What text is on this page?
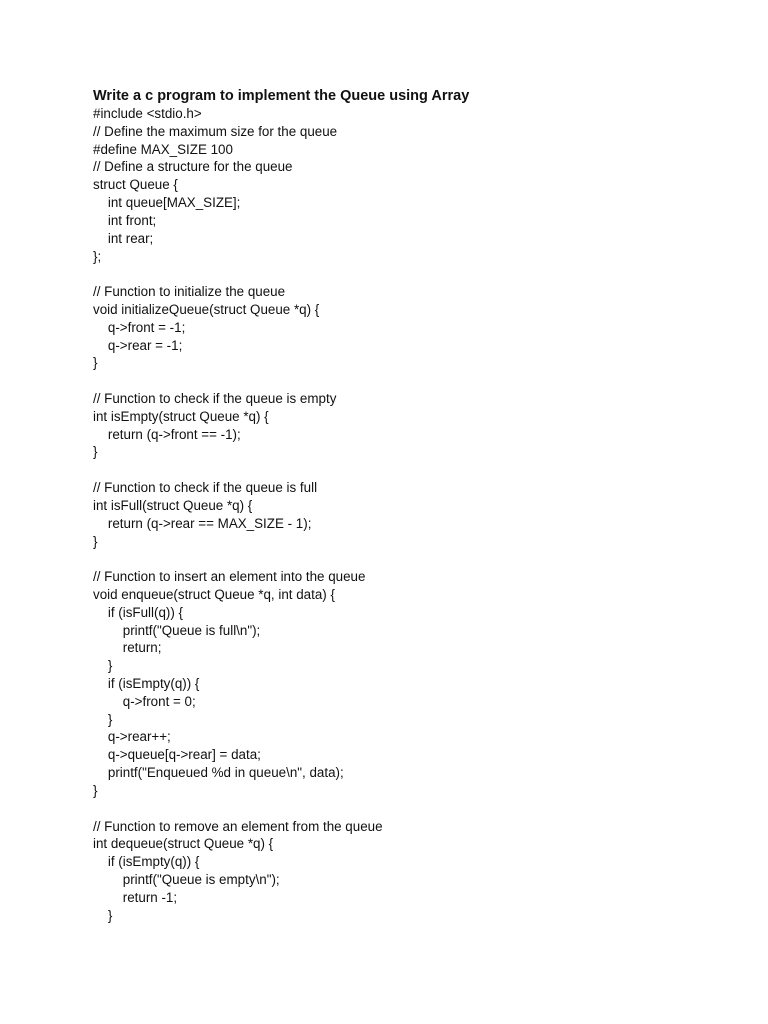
Write a c program to implement the Queue using Array
#include <stdio.h>
// Define the maximum size for the queue
#define MAX_SIZE 100
// Define a structure for the queue
struct Queue {
int queue[MAX_SIZE];
int front;
int rear;
};
// Function to initialize the queue
void initializeQueue(struct Queue *q) {
q->front = -1;
q->rear = -1;
}
// Function to check if the queue is empty
int isEmpty(struct Queue *q) {
return (q->front == -1);
}
// Function to check if the queue is full
int isFull(struct Queue *q) {
return (q->rear == MAX_SIZE - 1);
}
// Function to insert an element into the queue
void enqueue(struct Queue *q, int data) {
if (isFull(q)) {
printf("Queue is full\n");
return;
}
if (isEmpty(q)) {
q->front = 0;
}
q->rear++;
q->queue[q->rear] = data;
printf("Enqueued %d in queue\n", data);
}
// Function to remove an element from the queue
int dequeue(struct Queue *q) {
if (isEmpty(q)) {
printf("Queue is empty\n");
return -1;
}
